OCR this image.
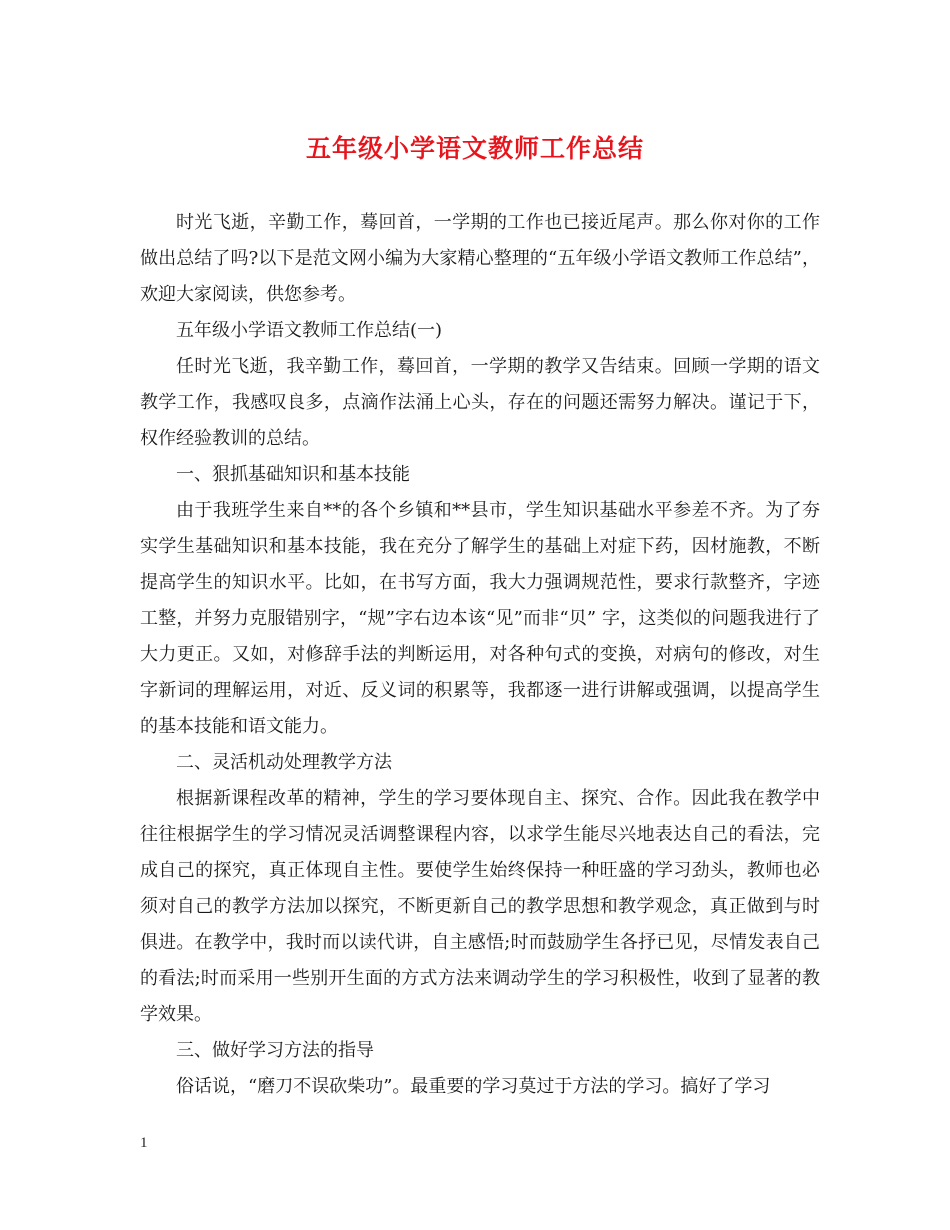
五年级小学语文教师工作总结

时光飞逝，辛勤工作，蓦回首，一学期的工作也已接近尾声。那么你对你的工作做出总结了吗?以下是范文网小编为大家精心整理的“五年级小学语文教师工作总结”，欢迎大家阅读，供您参考。

五年级小学语文教师工作总结(一)

任时光飞逝，我辛勤工作，蓦回首，一学期的教学又告结束。回顾一学期的语文教学工作，我感叹良多，点滴作法涌上心头，存在的问题还需努力解决。谨记于下，权作经验教训的总结。

一、狠抓基础知识和基本技能

由于我班学生来自**的各个乡镇和**县市，学生知识基础水平参差不齐。为了夯实学生基础知识和基本技能，我在充分了解学生的基础上对症下药，因材施教，不断提高学生的知识水平。比如，在书写方面，我大力强调规范性，要求行款整齐，字迹工整，并努力克服错别字，“规”字右边本该“见”而非“贝” 字，这类似的问题我进行了大力更正。又如，对修辞手法的判断运用，对各种句式的变换，对病句的修改，对生字新词的理解运用，对近、反义词的积累等，我都逐一进行讲解或强调，以提高学生的基本技能和语文能力。

二、灵活机动处理教学方法

根据新课程改革的精神，学生的学习要体现自主、探究、合作。因此我在教学中往往根据学生的学习情况灵活调整课程内容，以求学生能尽兴地表达自己的看法，完成自己的探究，真正体现自主性。要使学生始终保持一种旺盛的学习劲头，教师也必须对自己的教学方法加以探究，不断更新自己的教学思想和教学观念，真正做到与时俱进。在教学中，我时而以读代讲，自主感悟;时而鼓励学生各抒已见，尽情发表自己的看法;时而采用一些别开生面的方式方法来调动学生的学习积极性，收到了显著的教学效果。

三、做好学习方法的指导

俗话说，“磨刀不误砍柴功”。最重要的学习莫过于方法的学习。搞好了学习

1
